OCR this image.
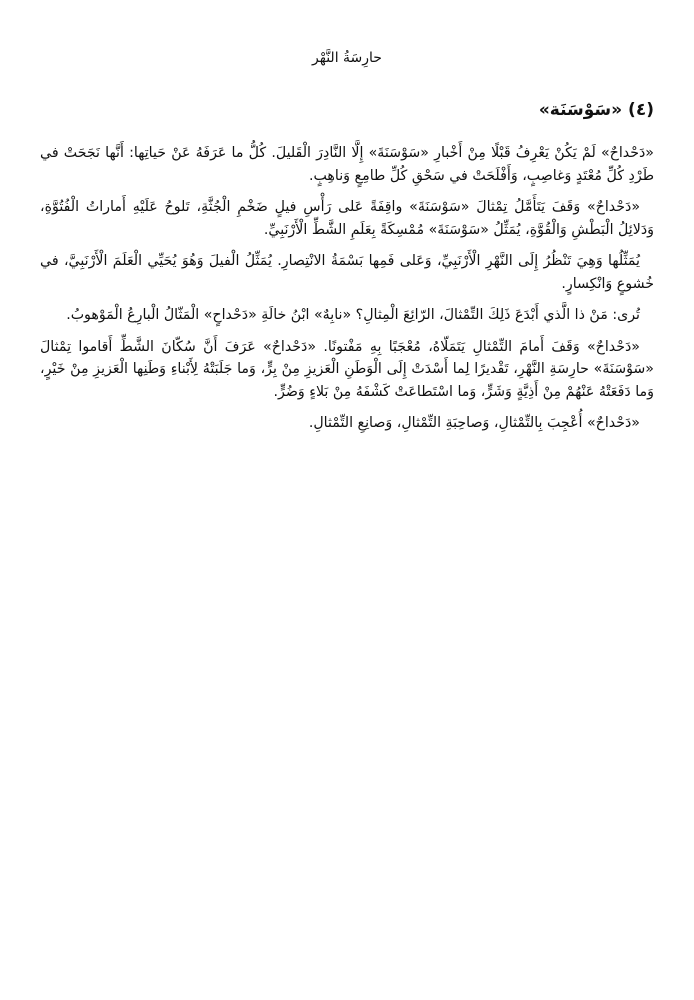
حارِسَةُ النَّهْر
(٤) «سَوْسَنَة»

«دَحْداحٌ» لَمْ يَكُنْ يَعْرِفُ قَبْلًا مِنْ أَخْبارِ «سَوْسَنَةَ» إِلَّا النَّادِرَ الْقَليلَ. كُلُّ ما عَرَفَهُ عَنْ حَياتِها: أَنَّها نَجَحَتْ في طَرْدِ كُلِّ مُعْتَدٍ وَغاصِبٍ، وَأَفْلَحَتْ في سَحْقِ كُلِّ طامِعٍ وَناهِبٍ.

«دَحْداحٌ» وَقَفَ يَتَأَمَّلُ تِمْثالَ «سَوْسَنَةَ» واقِفَةً عَلى رَأْسِ فيلٍ ضَخْمِ الْجُثَّةِ، تَلوحُ عَلَيْهِ أَماراتُ الْفُتُوَّةِ، وَدَلائِلُ الْبَطْشِ وَالْقُوَّةِ، يُمَثِّلُ «سَوْسَنَةَ» مُمْسِكَةً بِعَلَمِ الشَّطِّ الْأَرْنَبِيِّ.

يُمَثِّلُها وَهِيَ تَنْظُرُ إِلَى النَّهْرِ الْأَرْنَبِيِّ، وَعَلى فَمِها بَسْمَةُ الانْتِصارِ. يُمَثِّلُ الْفيلَ وَهُوَ يُحَيِّي الْعَلَمَ الْأَرْنَبِيَّ، في خُشوعٍ وَانْكِسارٍ.

تُرى: مَنْ ذا الَّذي أَبْدَعَ ذَلِكَ التِّمْثالَ، الرّائِعَ الْمِثالِ؟ «نابِهٌ» ابْنُ خالَةِ «دَحْداحٍ» الْمَثّالُ الْبارِعُ الْمَوْهوبُ.

«دَحْداحٌ» وَقَفَ أَمامَ التِّمْثالِ يَتَمَلّاهُ، مُعْجَبًا بِهِ مَفْتونًا. «دَحْداحٌ» عَرَفَ أَنَّ سُكّانَ الشَّطِّ أَقاموا تِمْثالَ «سَوْسَنَةَ» حارِسَةِ النَّهْرِ، تَقْديرًا لِما أَسْدَتْ إِلَى الْوَطَنِ الْعَزيزِ مِنْ بِرٍّ، وَما جَلَبَتْهُ لِأَبْناءِ وَطَنِها الْعَزيزِ مِنْ خَيْرٍ، وَما دَفَعَتْهُ عَنْهُمْ مِنْ أَذِيَّةٍ وَشَرٍّ، وَما اسْتَطاعَتْ كَشْفَهُ مِنْ بَلاءٍ وَضُرٍّ.

«دَحْداحٌ» أُعْجِبَ بِالتِّمْثالِ، وَصاحِبَةِ التِّمْثالِ، وَصانِعِ التِّمْثالِ.
